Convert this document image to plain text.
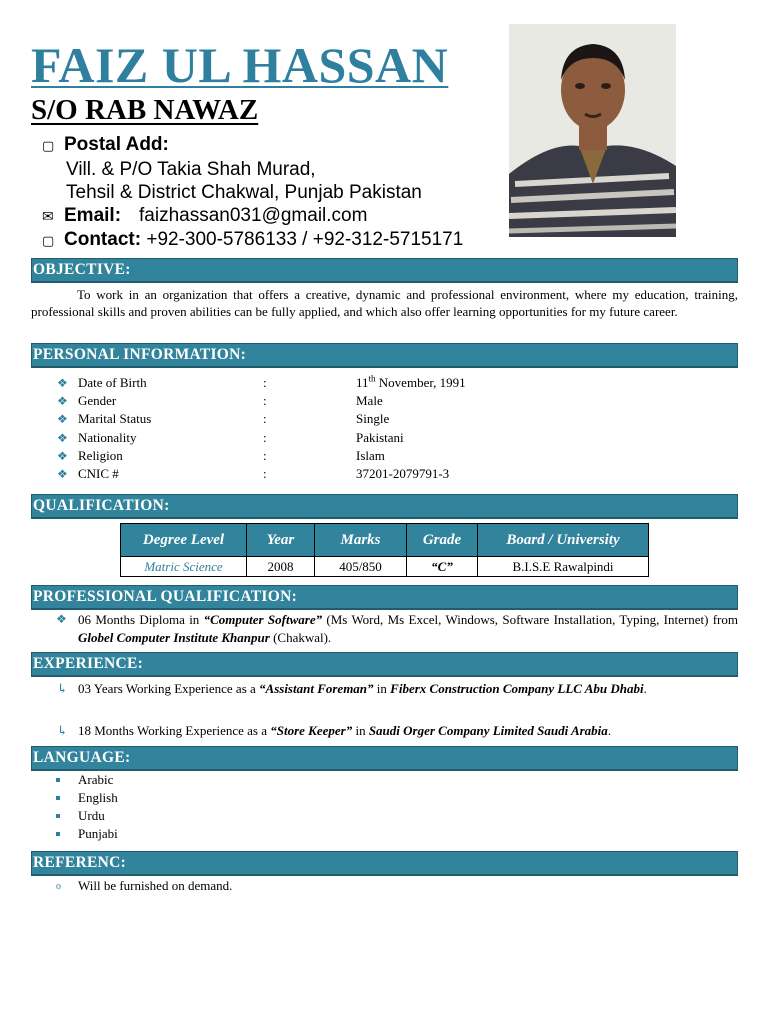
FAIZ UL HASSAN
S/O RAB NAWAZ
▢ Postal Add:
Vill. & P/O Takia Shah Murad,
Tehsil & District Chakwal, Punjab Pakistan
✉ Email: faizhassan031@gmail.com
▢ Contact: +92-300-5786133 / +92-312-5715171
OBJECTIVE:
To work in an organization that offers a creative, dynamic and professional environment, where my education, training, professional skills and proven abilities can be fully applied, and which also offer learning opportunities for my future career.
PERSONAL INFORMATION:
❖ Date of Birth	:	11th November, 1991
❖ Gender	:	Male
❖ Marital Status	:	Single
❖ Nationality	:	Pakistani
❖ Religion	:	Islam
❖ CNIC #	:	37201-2079791-3
QUALIFICATION:
Degree Level	Year	Marks	Grade	Board / University
Matric Science	2008	405/850	“C”	B.I.S.E Rawalpindi
PROFESSIONAL QUALIFICATION:
❖ 06 Months Diploma in “Computer Software” (Ms Word, Ms Excel, Windows, Software Installation, Typing, Internet) from Globel Computer Institute Khanpur (Chakwal).
EXPERIENCE:
↳ 03 Years Working Experience as a “Assistant Foreman” in Fiberx Construction Company LLC Abu Dhabi.
↳ 18 Months Working Experience as a “Store Keeper” in Saudi Orger Company Limited Saudi Arabia.
LANGUAGE:
Arabic
English
Urdu
Punjabi
REFERENC:
o Will be furnished on demand.
